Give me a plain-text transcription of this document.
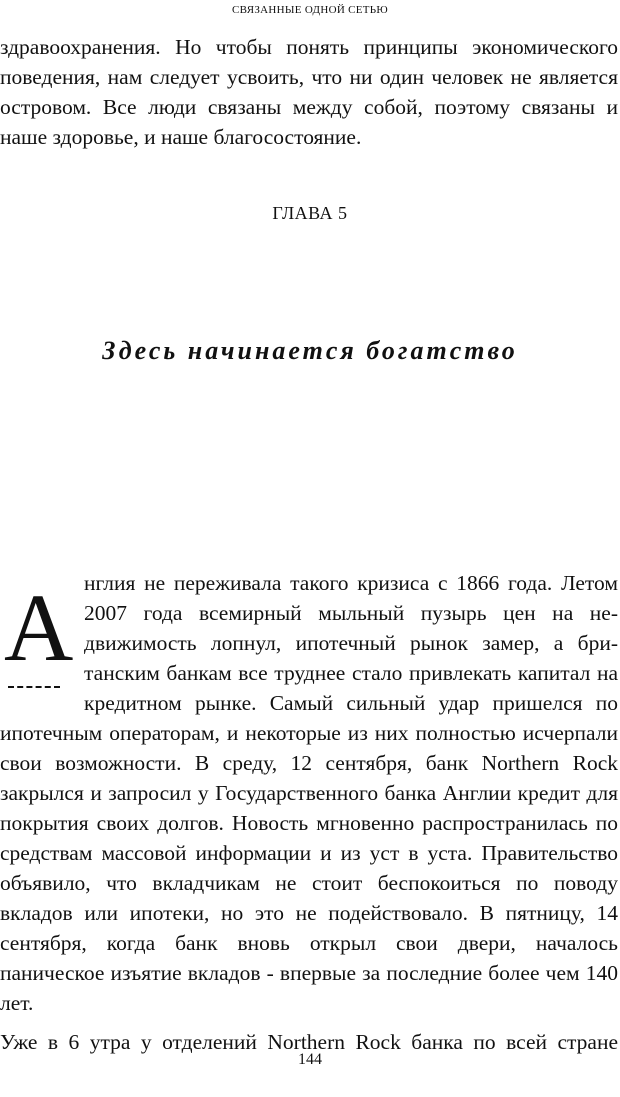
СВЯЗАННЫЕ ОДНОЙ СЕТЬЮ
здравоохранения. Но чтобы понять принципы экономического
поведения, нам следует усвоить, что ни один человек не является
островом. Все люди связаны между собой, поэтому связаны и
наше здоровье, и наше благосостояние.
ГЛАВА 5
Здесь начинается богатство
А нглия не переживала такого кризиса с 1866 года. Летом
2007 года всемирный мыльный пузырь цен на не-
движимость лопнул, ипотечный рынок замер, а бри-
танским банкам все труднее стало привлекать капитал на
кредитном рынке. Самый сильный удар пришелся по
ипотечным операторам, и некоторые из них полностью исчерпали
свои возможности. В среду, 12 сентября, банк Northern Rock
закрылся и запросил у Государственного банка Англии кредит для
покрытия своих долгов. Новость мгновенно распространилась по
средствам массовой информации и из уст в уста. Правительство
объявило, что вкладчикам не стоит беспокоиться по поводу
вкладов или ипотеки, но это не подействовало. В пятницу, 14
сентября, когда банк вновь открыл свои двери, началось
паническое изъятие вкладов - впервые за последние более чем 140
лет.
Уже в 6 утра у отделений Northern Rock банка по всей стране
144
